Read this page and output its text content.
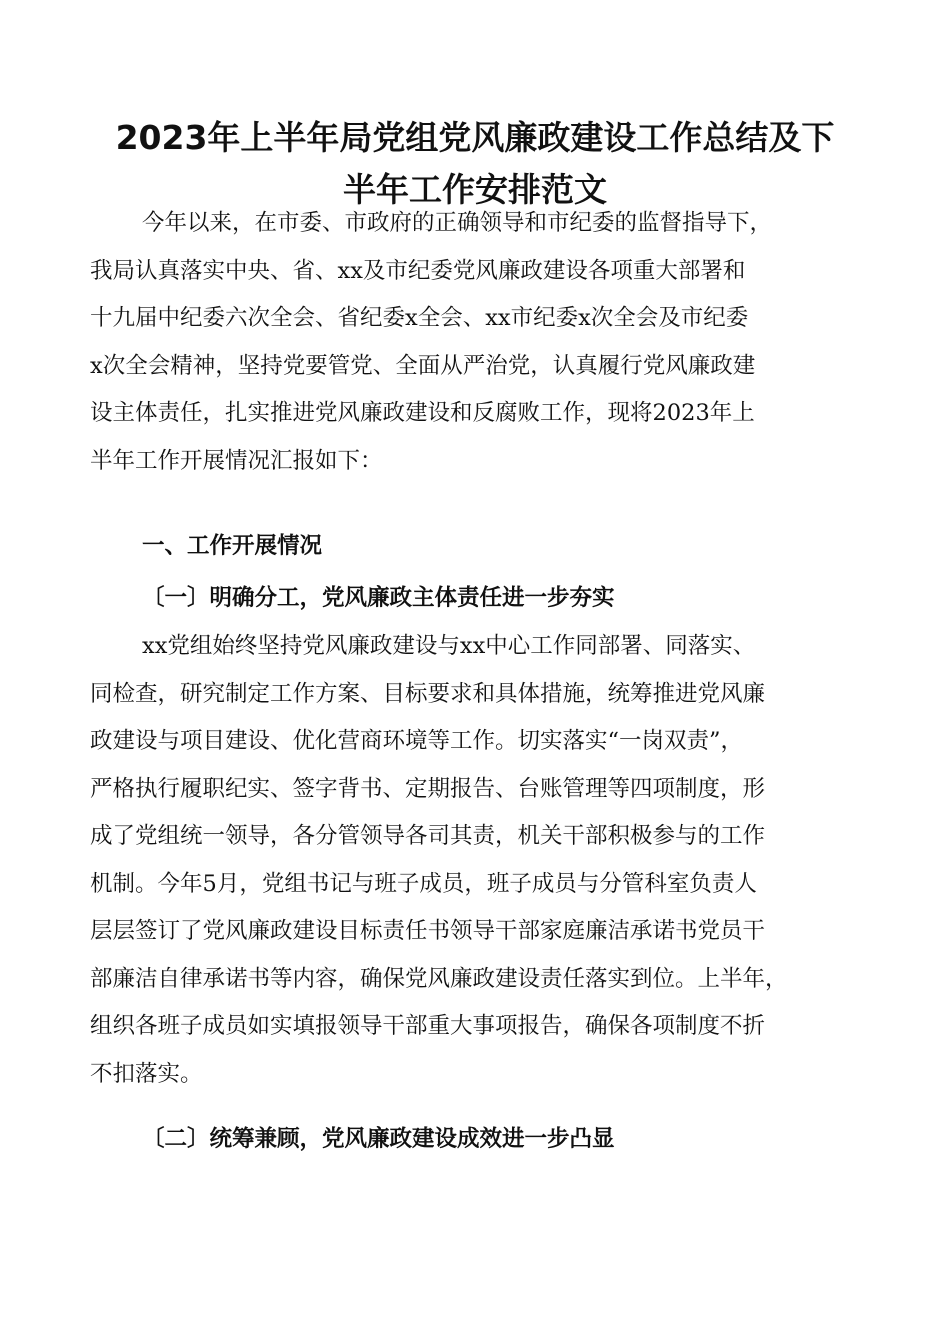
2023年上半年局党组党风廉政建设工作总结及下
半年工作安排范文
今年以来，在市委、市政府的正确领导和市纪委的监督指导下，
我局认真落实中央、省、xx及市纪委党风廉政建设各项重大部署和
十九届中纪委六次全会、省纪委x全会、xx市纪委x次全会及市纪委
x次全会精神，坚持党要管党、全面从严治党，认真履行党风廉政建
设主体责任，扎实推进党风廉政建设和反腐败工作，现将2023年上
半年工作开展情况汇报如下：
一、工作开展情况
〔一〕明确分工，党风廉政主体责任进一步夯实
xx党组始终坚持党风廉政建设与xx中心工作同部署、同落实、
同检查，研究制定工作方案、目标要求和具体措施，统筹推进党风廉
政建设与项目建设、优化营商环境等工作。切实落实“一岗双责”，
严格执行履职纪实、签字背书、定期报告、台账管理等四项制度，形
成了党组统一领导，各分管领导各司其责，机关干部积极参与的工作
机制。今年5月，党组书记与班子成员，班子成员与分管科室负责人
层层签订了党风廉政建设目标责任书领导干部家庭廉洁承诺书党员干
部廉洁自律承诺书等内容，确保党风廉政建设责任落实到位。上半年，
组织各班子成员如实填报领导干部重大事项报告，确保各项制度不折
不扣落实。
〔二〕统筹兼顾，党风廉政建设成效进一步凸显
